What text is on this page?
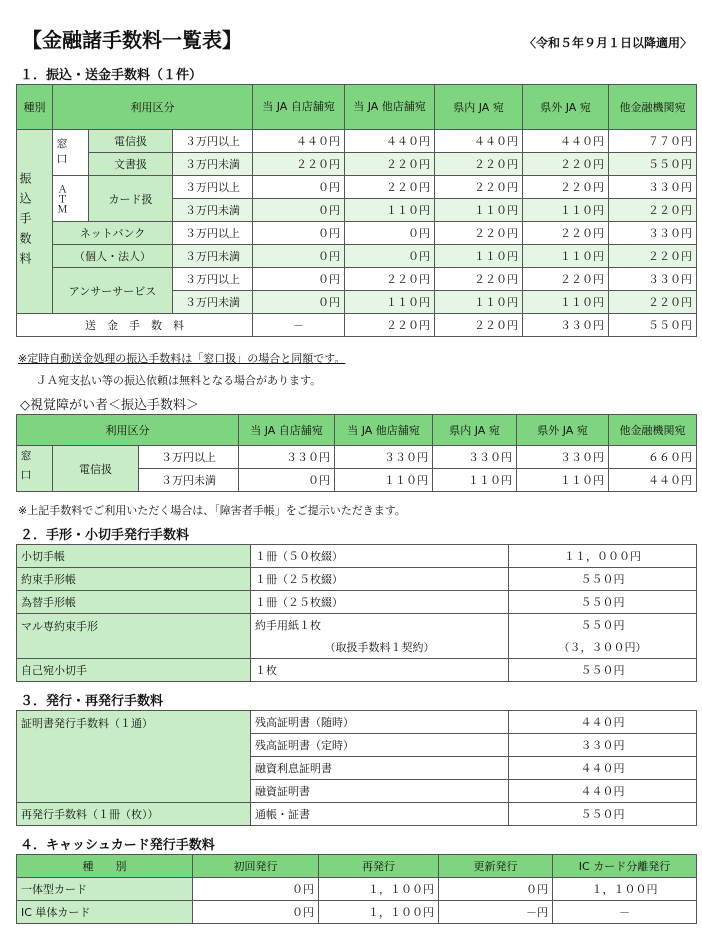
【金融諸手数料一覧表】	〈令和５年９月１日以降適用〉
１．振込・送金手数料（１件）
種別	利用区分			当 JA 自店舗宛	当 JA 他店舗宛	県内 JA 宛	県外 JA 宛	他金融機関宛

振込手数料	窓口	電信扱	３万円以上	４４０円	４４０円	４４０円	４４０円	７７０円
		文書扱	３万円未満	２２０円	２２０円	２２０円	２２０円	５５０円

	ＡＴＭ	カード扱	３万円以上	０円	２２０円	２２０円	２２０円	３３０円
			３万円未満	０円	１１０円	１１０円	１１０円	２２０円
	ネットバンク		３万円以上	０円	０円	２２０円	２２０円	３３０円
	（個人・法人）		３万円未満	０円	０円	１１０円	１１０円	２２０円
	アンサーサービス		３万円以上	０円	２２０円	２２０円	２２０円	３３０円
			３万円未満	０円	１１０円	１１０円	１１０円	２２０円
送　金　手　数　料				－	２２０円	２２０円	３３０円	５５０円
※定時自動送金処理の振込手数料は「窓口扱」の場合と同額です。
ＪＡ宛支払い等の振込依頼は無料となる場合があります。
◇視覚障がい者＜振込手数料＞
利用区分			当 JA 自店舗宛	当 JA 他店舗宛	県内 JA 宛	県外 JA 宛	他金融機関宛

窓口	電信扱	３万円以上	３３０円	３３０円	３３０円	３３０円	６６０円
		３万円未満	０円	１１０円	１１０円	１１０円	４４０円
※上記手数料でご利用いただく場合は、「障害者手帳」をご提示いただきます。
２．手形・小切手発行手数料
小切手帳	１冊（５０枚綴）	１１，０００円
約束手形帳	１冊（２５枚綴）	５５０円
為替手形帳	１冊（２５枚綴）	５５０円
マル専約束手形	約手用紙１枚	５５０円
	（取扱手数料１契約）	（３，３００円）
自己宛小切手	１枚	５５０円
３．発行・再発行手数料
証明書発行手数料（１通）	残高証明書（随時）	４４０円
	残高証明書（定時）	３３０円
	融資利息証明書	４４０円
	融資証明書	４４０円
再発行手数料（１冊（枚））	通帳・証書	５５０円
４．キャッシュカード発行手数料
種　　別	初回発行	再発行	更新発行	IC カード分離発行
一体型カード	０円	１，１００円	０円	１，１００円
IC 単体カード	０円	１，１００円	－円	－
